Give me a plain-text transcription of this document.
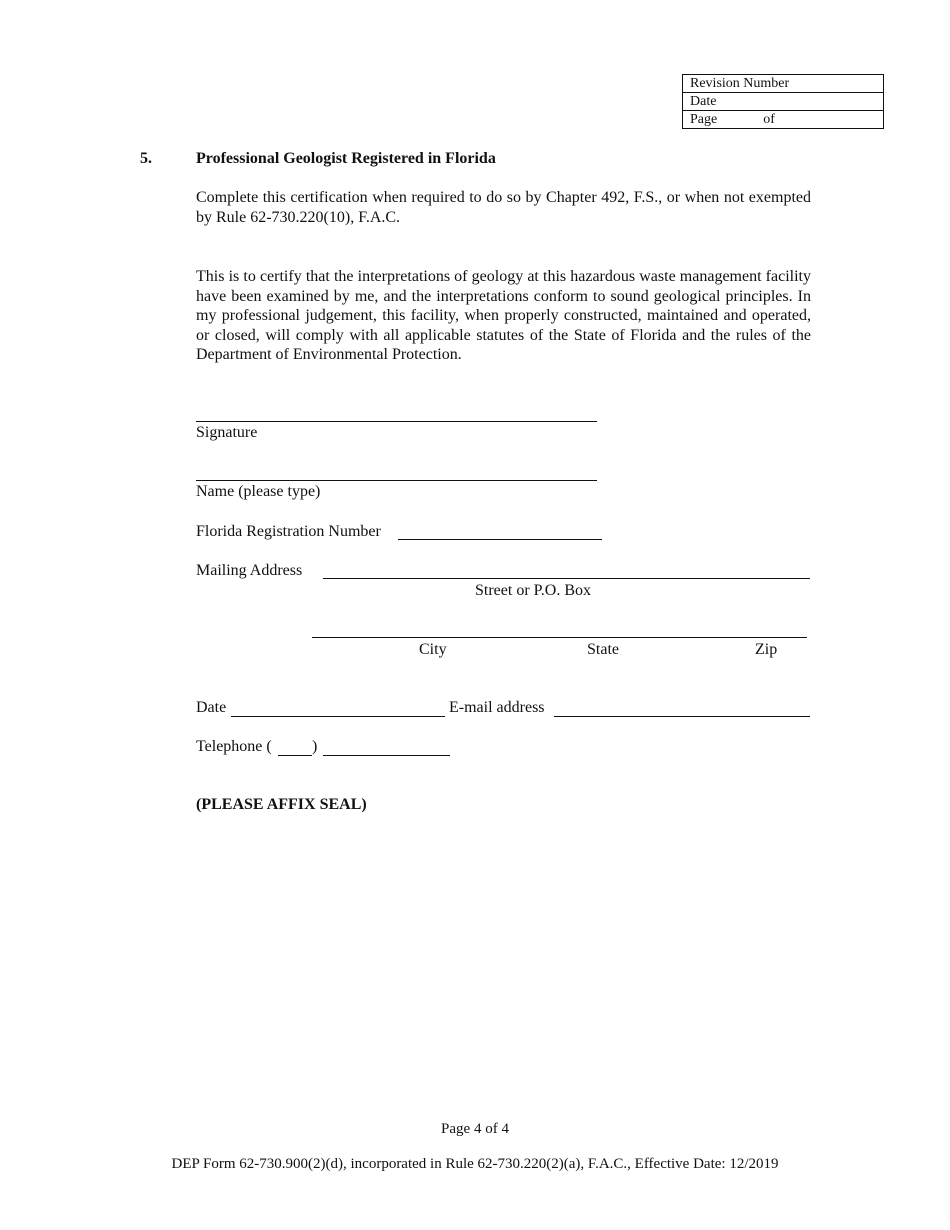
Revision Number
Date
Page	of
5.	Professional Geologist Registered in Florida
Complete this certification when required to do so by Chapter 492, F.S., or when not exempted by Rule 62-730.220(10), F.A.C.
This is to certify that the interpretations of geology at this hazardous waste management facility have been examined by me, and the interpretations conform to sound geological principles. In my professional judgement, this facility, when properly constructed, maintained and operated, or closed, will comply with all applicable statutes of the State of Florida and the rules of the Department of Environmental Protection.
Signature
Name (please type)
Florida Registration Number
Mailing Address
Street or P.O. Box
City	State	Zip
Date	E-mail address
Telephone (	)
(PLEASE AFFIX SEAL)
Page 4 of 4
DEP Form 62-730.900(2)(d), incorporated in Rule 62-730.220(2)(a), F.A.C., Effective Date: 12/2019
